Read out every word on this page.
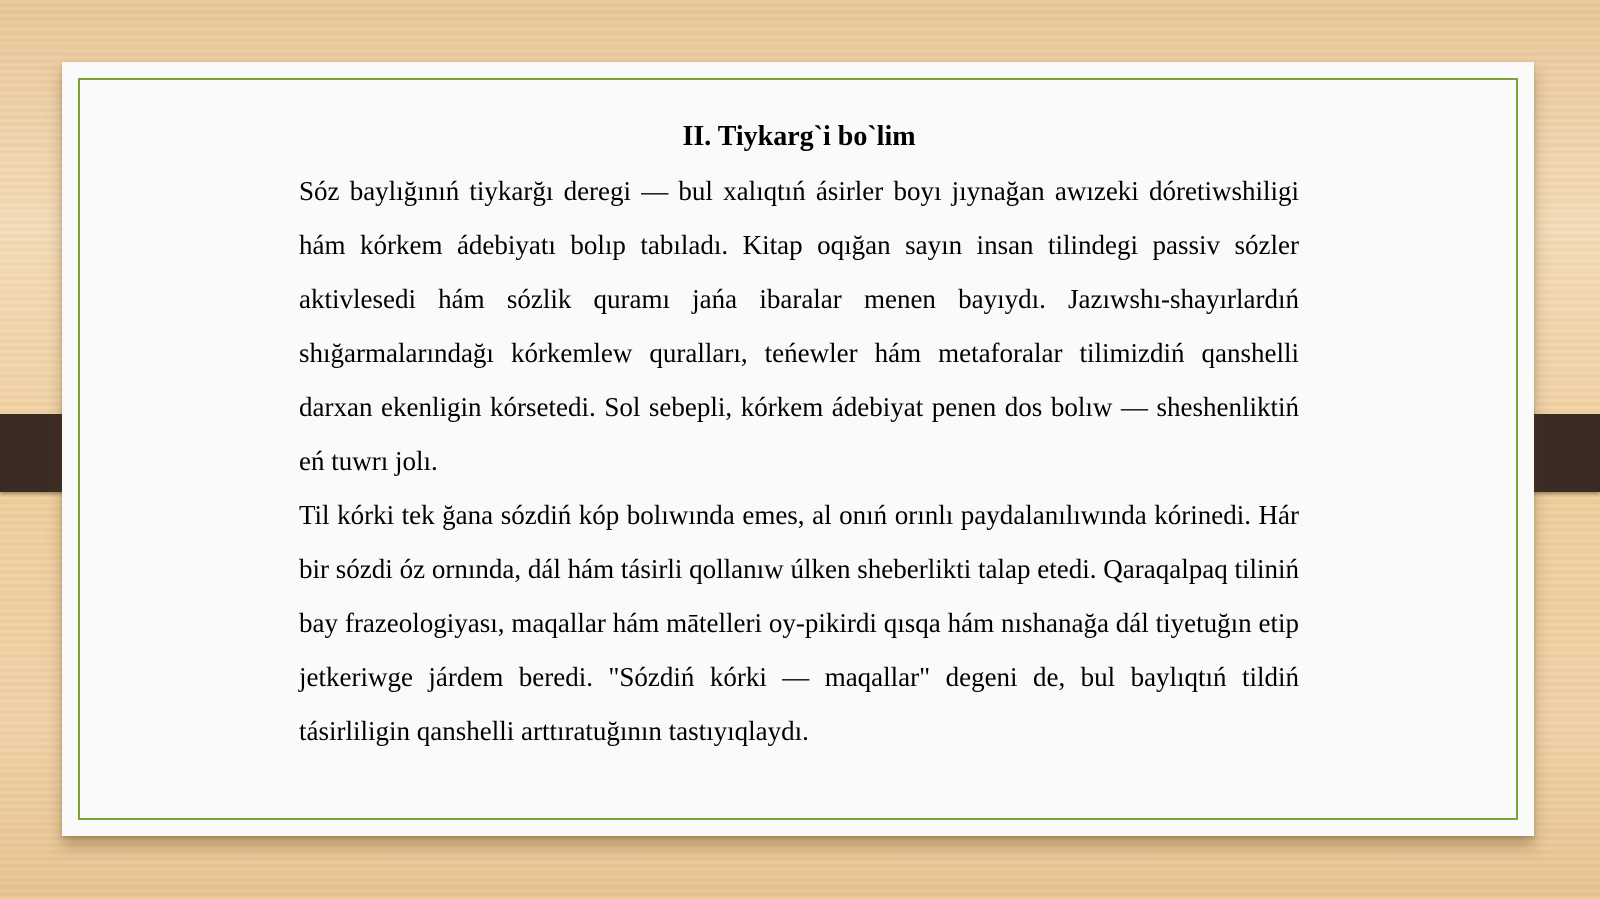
II. Tiykarg`i bo`lim

Sóz baylığınıń tiykarğı deregi — bul xalıqtıń ásirler boyı jıynağan awızeki dóretiwshiligi hám kórkem ádebiyatı bolıp tabıladı. Kitap oqığan sayın insan tilindegi passiv sózler aktivlesedi hám sózlik quramı jańa ibaralar menen bayıydı. Jazıwshı-shayırlardıń shığarmalarındağı kórkemlew quralları, teńewler hám metaforalar tilimizdiń qanshelli darxan ekenligin kórsetedi. Sol sebepli, kórkem ádebiyat penen dos bolıw — sheshenliktiń eń tuwrı jolı.

Til kórki tek ğana sózdiń kóp bolıwında emes, al onıń orınlı paydalanılıwında kórinedi. Hár bir sózdi óz ornında, dál hám tásirli qollanıw úlken sheberlikti talap etedi. Qaraqalpaq tiliniń bay frazeologiyası, maqallar hám mātelleri oy-pikirdi qısqa hám nıshanağa dál tiyetuğın etip jetkeriwge járdem beredi. "Sózdiń kórki — maqallar" degeni de, bul baylıqtıń tildiń tásirliligin qanshelli arttıratuğının tastıyıqlaydı.
